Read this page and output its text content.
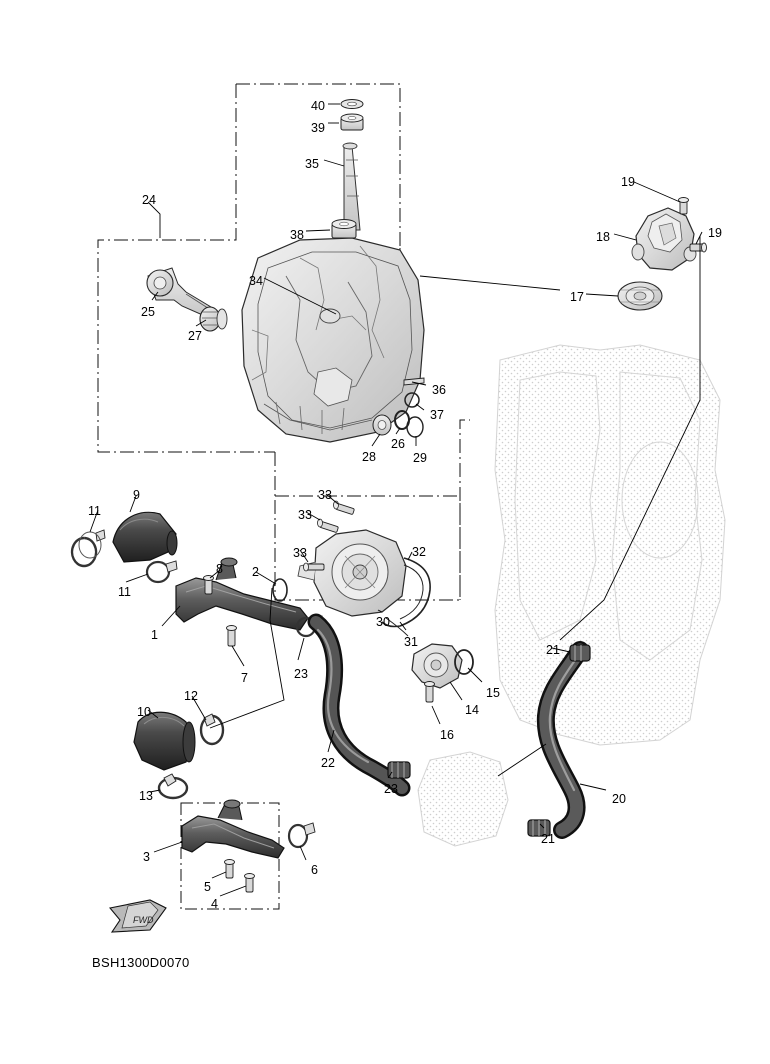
BSH1300D0070
FWD
40
39
35
38
24
34
25
27
19
18	19
17
36
37
28
26
29
11
9
11
8 2
1
7	23
33
33
33	32
30
31
15
14
16
21
20
21
22
23
12
10
13
3
5
4
6
